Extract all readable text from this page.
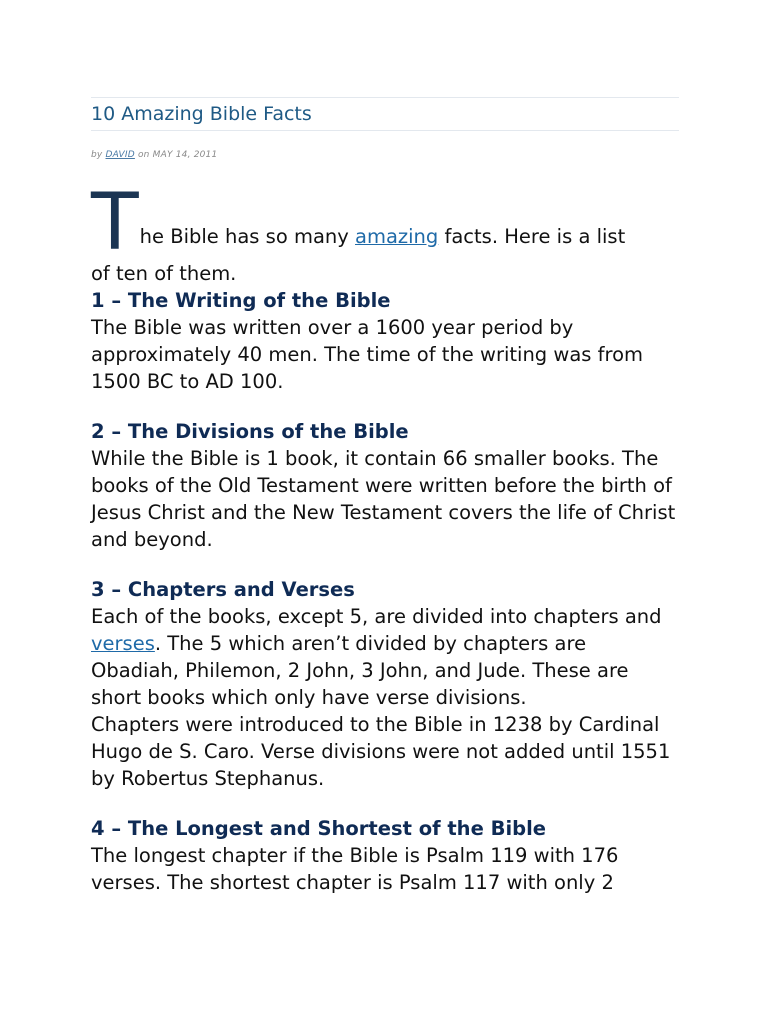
10 Amazing Bible Facts
by DAVID on MAY 14, 2011
T he Bible has so many amazing facts. Here is a list
of ten of them.
1 – The Writing of the Bible

The Bible was written over a 1600 year period by approximately 40 men. The time of the writing was from 1500 BC to AD 100.

2 – The Divisions of the Bible

While the Bible is 1 book, it contain 66 smaller books. The books of the Old Testament were written before the birth of Jesus Christ and the New Testament covers the life of Christ and beyond.

3 – Chapters and Verses

Each of the books, except 5, are divided into chapters and verses. The 5 which aren’t divided by chapters are Obadiah, Philemon, 2 John, 3 John, and Jude. These are short books which only have verse divisions.

Chapters were introduced to the Bible in 1238 by Cardinal Hugo de S. Caro. Verse divisions were not added until 1551 by Robertus Stephanus.

4 – The Longest and Shortest of the Bible

The longest chapter if the Bible is Psalm 119 with 176 verses. The shortest chapter is Psalm 117 with only 2
